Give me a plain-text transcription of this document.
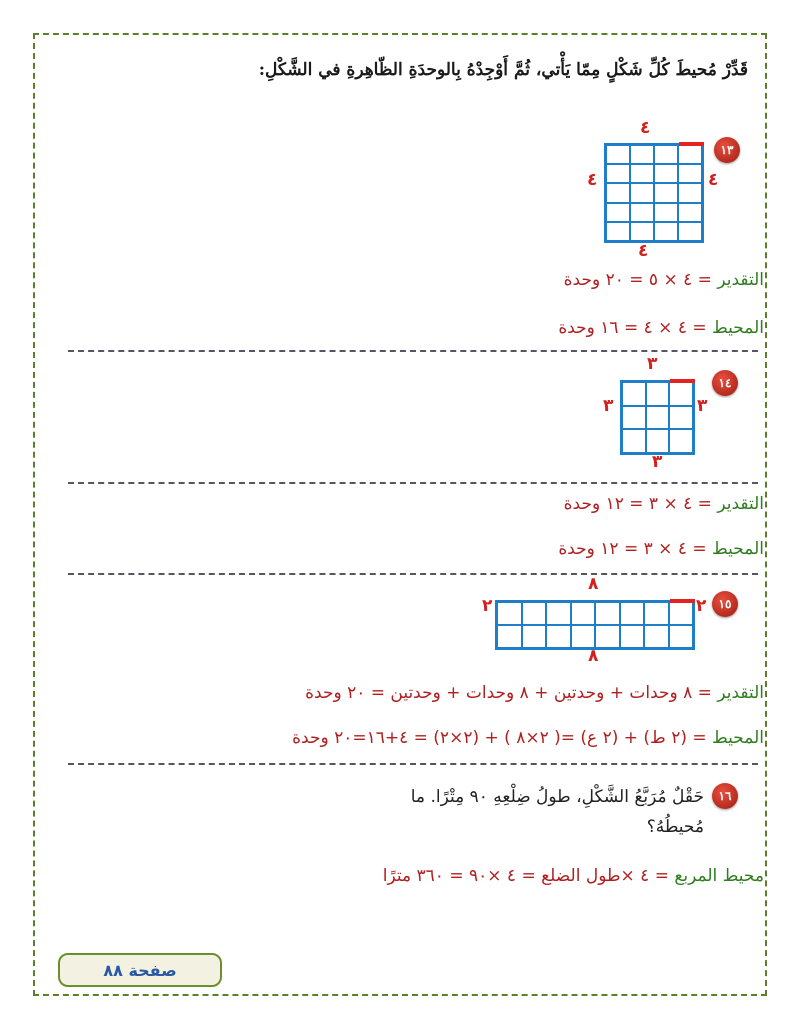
قَدِّرْ مُحيطَ كُلِّ شَكْلٍ مِمّا يَأْتي، ثُمَّ أَوْجِدْهُ بِالوحدَةِ الظّاهِرةِ في الشَّكْلِ:
١٣
٤
٤	٤
٤
التقدير = ٤ × ٥ = ٢٠ وحدة
المحيط = ٤ × ٤ = ١٦ وحدة
١٤
٣
٣	٣
٣
التقدير = ٤ × ٣ = ١٢ وحدة
المحيط = ٤ × ٣ = ١٢ وحدة
١٥
٨
٢	٢
٨
التقدير = ٨ وحدات + وحدتين + ٨ وحدات + وحدتين = ٢٠ وحدة
المحيط = (٢ ط) + (٢ ع) =( ٢×٨ ) + (٢×٢) = ٤+١٦=٢٠ وحدة
١٦
حَقْلٌ مُرَبَّعُ الشَّكْلِ، طولُ ضِلْعِهِ ٩٠ مِتْرًا. ما
مُحيطُهُ؟
محيط المربع = ٤ ×طول الضلع = ٤ ×٩٠ = ٣٦٠ مترًا
صفحة ٨٨
